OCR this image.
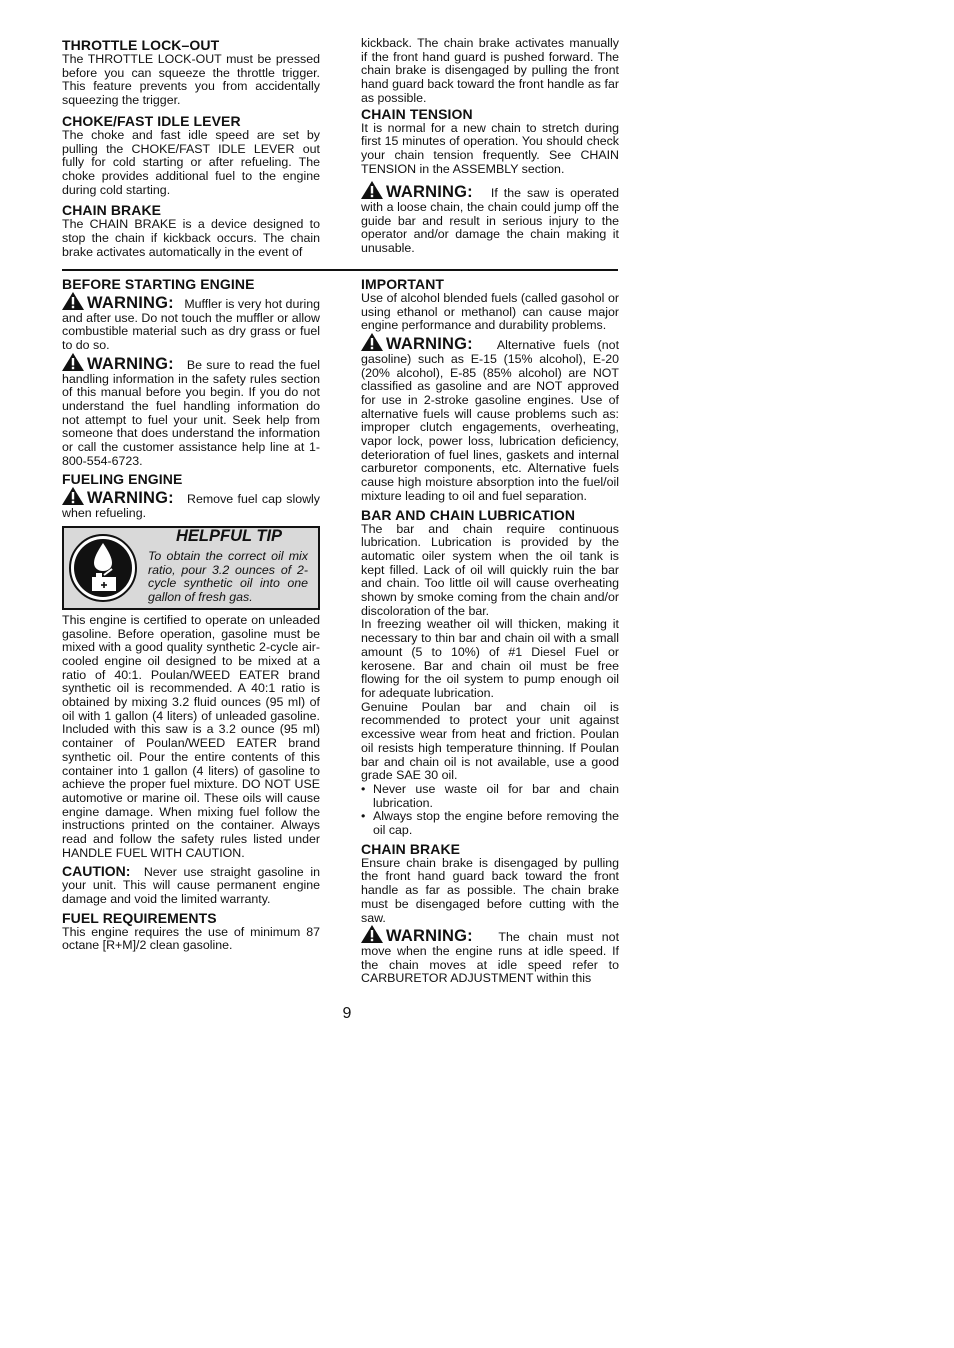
THROTTLE LOCK–OUT

The THROTTLE LOCK-OUT must be pressed before you can squeeze the throttle trigger. This feature prevents you from accidentally squeezing the trigger.

CHOKE/FAST IDLE LEVER

The choke and fast idle speed are set by pulling the CHOKE/FAST IDLE LEVER out fully for cold starting or after refueling. The choke provides additional fuel to the engine during cold starting.

CHAIN BRAKE

The CHAIN BRAKE is a device designed to stop the chain if kickback occurs. The chain brake activates automatically in the event of

kickback. The chain brake activates manually if the front hand guard is pushed forward. The chain brake is disengaged by pulling the front hand guard back toward the front handle as far as possible.

CHAIN TENSION

It is normal for a new chain to stretch during first 15 minutes of operation. You should check your chain tension frequently. See CHAIN TENSION in the ASSEMBLY section.

WARNING: If the saw is operated with a loose chain, the chain could jump off the guide bar and result in serious injury to the operator and/or damage the chain making it unusable.

BEFORE STARTING ENGINE

WARNING: Muffler is very hot during and after use. Do not touch the muffler or allow combustible material such as dry grass or fuel to do so.

WARNING: Be sure to read the fuel handling information in the safety rules section of this manual before you begin. If you do not understand the fuel handling information do not attempt to fuel your unit. Seek help from someone that does understand the information or call the customer assistance help line at 1-800-554-6723.

FUELING ENGINE

WARNING: Remove fuel cap slowly when refueling.

HELPFUL TIP
To obtain the correct oil mix ratio, pour 3.2 ounces of 2-cycle synthetic oil into one gallon of fresh gas.

This engine is certified to operate on unleaded gasoline. Before operation, gasoline must be mixed with a good quality synthetic 2-cycle air-cooled engine oil designed to be mixed at a ratio of 40:1. Poulan/WEED EATER brand synthetic oil is recommended. A 40:1 ratio is obtained by mixing 3.2 fluid ounces (95 ml) of oil with 1 gallon (4 liters) of unleaded gasoline. Included with this saw is a 3.2 ounce (95 ml) container of Poulan/WEED EATER brand synthetic oil. Pour the entire contents of this container into 1 gallon (4 liters) of gasoline to achieve the proper fuel mixture. DO NOT USE automotive or marine oil. These oils will cause engine damage. When mixing fuel follow the instructions printed on the container. Always read and follow the safety rules listed under HANDLE FUEL WITH CAUTION.

CAUTION: Never use straight gasoline in your unit. This will cause permanent engine damage and void the limited warranty.

FUEL REQUIREMENTS

This engine requires the use of minimum 87 octane [R+M]/2 clean gasoline.

IMPORTANT

Use of alcohol blended fuels (called gasohol or using ethanol or methanol) can cause major engine performance and durability problems.

WARNING: Alternative fuels (not gasoline) such as E-15 (15% alcohol), E-20 (20% alcohol), E-85 (85% alcohol) are NOT classified as gasoline and are NOT approved for use in 2-stroke gasoline engines. Use of alternative fuels will cause problems such as: improper clutch engagements, overheating, vapor lock, power loss, lubrication deficiency, deterioration of fuel lines, gaskets and internal carburetor components, etc. Alternative fuels cause high moisture absorption into the fuel/oil mixture leading to oil and fuel separation.

BAR AND CHAIN LUBRICATION

The bar and chain require continuous lubrication. Lubrication is provided by the automatic oiler system when the oil tank is kept filled. Lack of oil will quickly ruin the bar and chain. Too little oil will cause overheating shown by smoke coming from the chain and/or discoloration of the bar.

In freezing weather oil will thicken, making it necessary to thin bar and chain oil with a small amount (5 to 10%) of #1 Diesel Fuel or kerosene. Bar and chain oil must be free flowing for the oil system to pump enough oil for adequate lubrication.

Genuine Poulan bar and chain oil is recommended to protect your unit against excessive wear from heat and friction. Poulan oil resists high temperature thinning. If Poulan bar and chain oil is not available, use a good grade SAE 30 oil.

• Never use waste oil for bar and chain lubrication.
• Always stop the engine before removing the oil cap.
CHAIN BRAKE

Ensure chain brake is disengaged by pulling the front hand guard back toward the front handle as far as possible. The chain brake must be disengaged before cutting with the saw.

WARNING: The chain must not move when the engine runs at idle speed. If the chain moves at idle speed refer to CARBURETOR ADJUSTMENT within this

9
